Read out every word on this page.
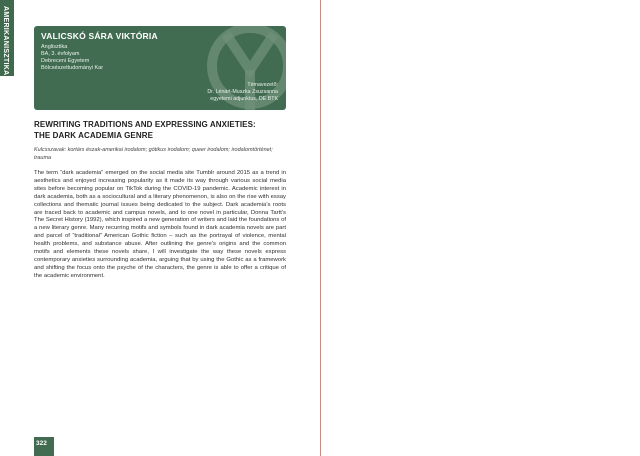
AMERIKANISZTIKA	VALICSKÓ SÁRA VIKTÓRIA
Anglisztika
BA, 3. évfolyam
Debreceni Egyetem
Bölcsészettudományi Kar
Témavezető:
Dr. Lénárt-Muszka Zsuzsanna
egyetemi adjunktus, DE BTK
REWRITING TRADITIONS AND EXPRESSING ANXIETIES:
THE DARK ACADEMIA GENRE
Kulcsszavak: kortárs észak-amerikai irodalom; gótikus irodalom; queer irodalom; irodalomtörténet; trauma

The term “dark academia” emerged on the social media site Tumblr around 2015 as a trend in aesthetics and enjoyed increasing popularity as it made its way through various social media sites before becoming popular on TikTok during the COVID-19 pandemic. Academic interest in dark academia, both as a sociocultural and a literary phenomenon, is also on the rise with essay collections and thematic journal issues being dedicated to the subject. Dark academia’s roots are traced back to academic and campus novels, and to one novel in particular, Donna Tartt’s The Secret History (1992), which inspired a new generation of writers and laid the foundations of a new literary genre. Many recurring motifs and symbols found in dark academia novels are part and parcel of “traditional” American Gothic fiction – such as the portrayal of violence, mental health problems, and substance abuse. After outlining the genre’s origins and the common motifs and elements these novels share, I will investigate the way these novels express contemporary anxieties surrounding academia, arguing that by using the Gothic as a framework and shifting the focus onto the psyche of the characters, the genre is able to offer a critique of the academic environment.

322
